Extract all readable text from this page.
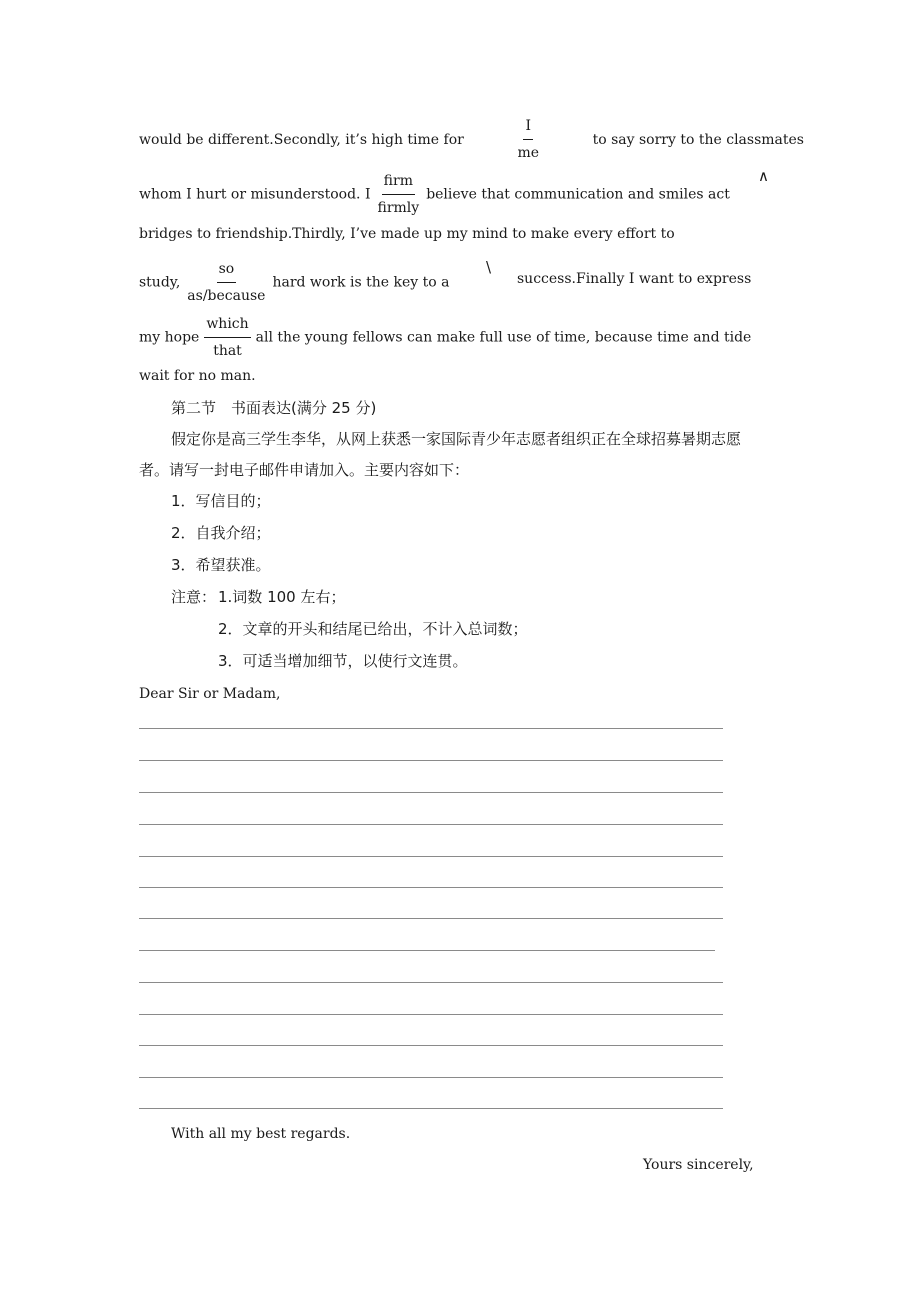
would be different.Secondly, it’s high time for	$\frac{I}{me}$	to say sorry to the classmates
whom I hurt or misunderstood. I $\frac{\text{firm}}{\text{firmly}}$ believe that communication and smiles act
∧
bridges to friendship.Thirdly, I’ve made up my mind to make every effort to
study, $\frac{so}{\text{as/because}}$ hard work is the key to a
\
success.Finally I want to express
my hope $\frac{\text{which}}{\text{that}}$ all the young fellows can make full use of time, because time and tide
wait for no man.
第二节　书面表达(满分 25 分)
假定你是高三学生李华，从网上获悉一家国际青少年志愿者组织正在全球招募暑期志愿
者。请写一封电子邮件申请加入。主要内容如下：
1．写信目的；
2．自我介绍；
3．希望获准。
注意： 1.词数 100 左右；
2．文章的开头和结尾已给出，不计入总词数；
3．可适当增加细节，以使行文连贯。
Dear Sir or Madam,
With all my best regards.
Yours sincerely,
